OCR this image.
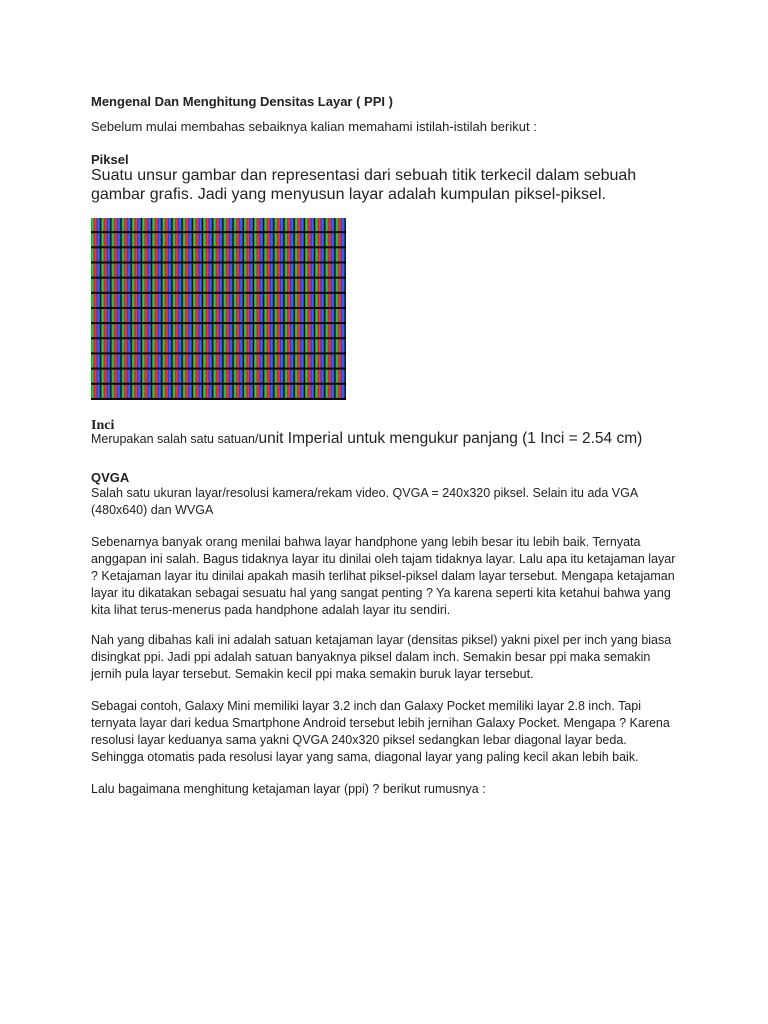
Mengenal Dan Menghitung Densitas Layar ( PPI )
Sebelum mulai membahas sebaiknya kalian memahami istilah-istilah berikut :
Piksel
Suatu unsur gambar dan representasi dari sebuah titik terkecil dalam sebuah gambar grafis. Jadi yang menyusun layar adalah kumpulan piksel-piksel.
Inci
Merupakan salah satu satuan/unit Imperial untuk mengukur panjang (1 Inci = 2.54 cm)
QVGA
Salah satu ukuran layar/resolusi kamera/rekam video. QVGA = 240x320 piksel. Selain itu ada VGA (480x640) dan WVGA
Sebenarnya banyak orang menilai bahwa layar handphone yang lebih besar itu lebih baik. Ternyata anggapan ini salah. Bagus tidaknya layar itu dinilai oleh tajam tidaknya layar. Lalu apa itu ketajaman layar ? Ketajaman layar itu dinilai apakah masih terlihat piksel-piksel dalam layar tersebut. Mengapa ketajaman layar itu dikatakan sebagai sesuatu hal yang sangat penting ? Ya karena seperti kita ketahui bahwa yang kita lihat terus-menerus pada handphone adalah layar itu sendiri.
Nah yang dibahas kali ini adalah satuan ketajaman layar (densitas piksel) yakni pixel per inch yang biasa disingkat ppi. Jadi ppi adalah satuan banyaknya piksel dalam inch. Semakin besar ppi maka semakin jernih pula layar tersebut. Semakin kecil ppi maka semakin buruk layar tersebut.
Sebagai contoh, Galaxy Mini memiliki layar 3.2 inch dan Galaxy Pocket memiliki layar 2.8 inch. Tapi ternyata layar dari kedua Smartphone Android tersebut lebih jernihan Galaxy Pocket. Mengapa ? Karena resolusi layar keduanya sama yakni QVGA 240x320 piksel sedangkan lebar diagonal layar beda. Sehingga otomatis pada resolusi layar yang sama, diagonal layar yang paling kecil akan lebih baik.
Lalu bagaimana menghitung ketajaman layar (ppi) ? berikut rumusnya :
